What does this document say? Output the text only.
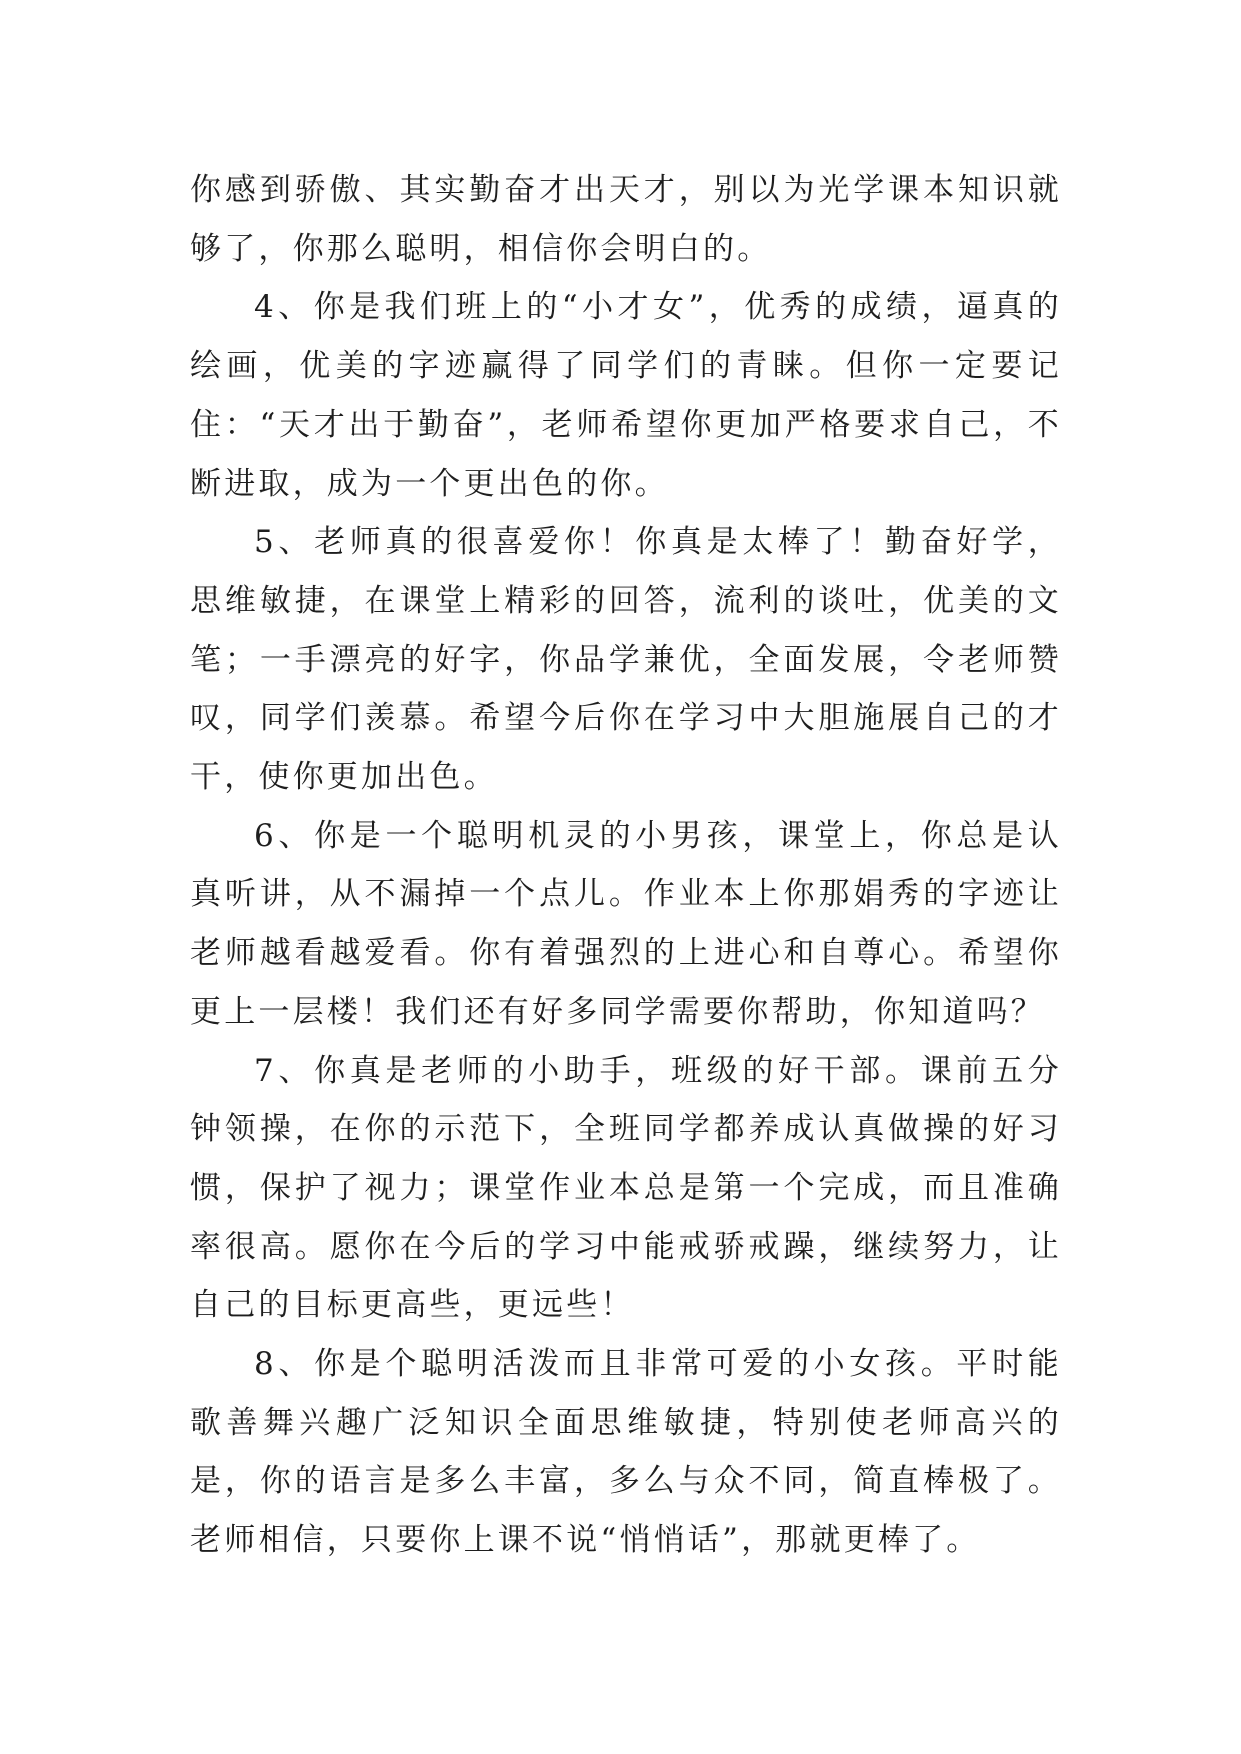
你感到骄傲、其实勤奋才出天才，别以为光学课本知识就够了，你那么聪明，相信你会明白的。

4、你是我们班上的“小才女”，优秀的成绩，逼真的绘画，优美的字迹赢得了同学们的青睐。但你一定要记住：“天才出于勤奋”，老师希望你更加严格要求自己，不断进取，成为一个更出色的你。

5、老师真的很喜爱你！你真是太棒了！勤奋好学，思维敏捷，在课堂上精彩的回答，流利的谈吐，优美的文笔；一手漂亮的好字，你品学兼优，全面发展，令老师赞叹，同学们羡慕。希望今后你在学习中大胆施展自己的才干，使你更加出色。

6、你是一个聪明机灵的小男孩，课堂上，你总是认真听讲，从不漏掉一个点儿。作业本上你那娟秀的字迹让老师越看越爱看。你有着强烈的上进心和自尊心。希望你更上一层楼！我们还有好多同学需要你帮助，你知道吗？

7、你真是老师的小助手，班级的好干部。课前五分钟领操，在你的示范下，全班同学都养成认真做操的好习惯，保护了视力；课堂作业本总是第一个完成，而且准确率很高。愿你在今后的学习中能戒骄戒躁，继续努力，让自己的目标更高些，更远些！

8、你是个聪明活泼而且非常可爱的小女孩。平时能歌善舞兴趣广泛知识全面思维敏捷，特别使老师高兴的是，你的语言是多么丰富，多么与众不同，简直棒极了。老师相信，只要你上课不说“悄悄话”，那就更棒了。
